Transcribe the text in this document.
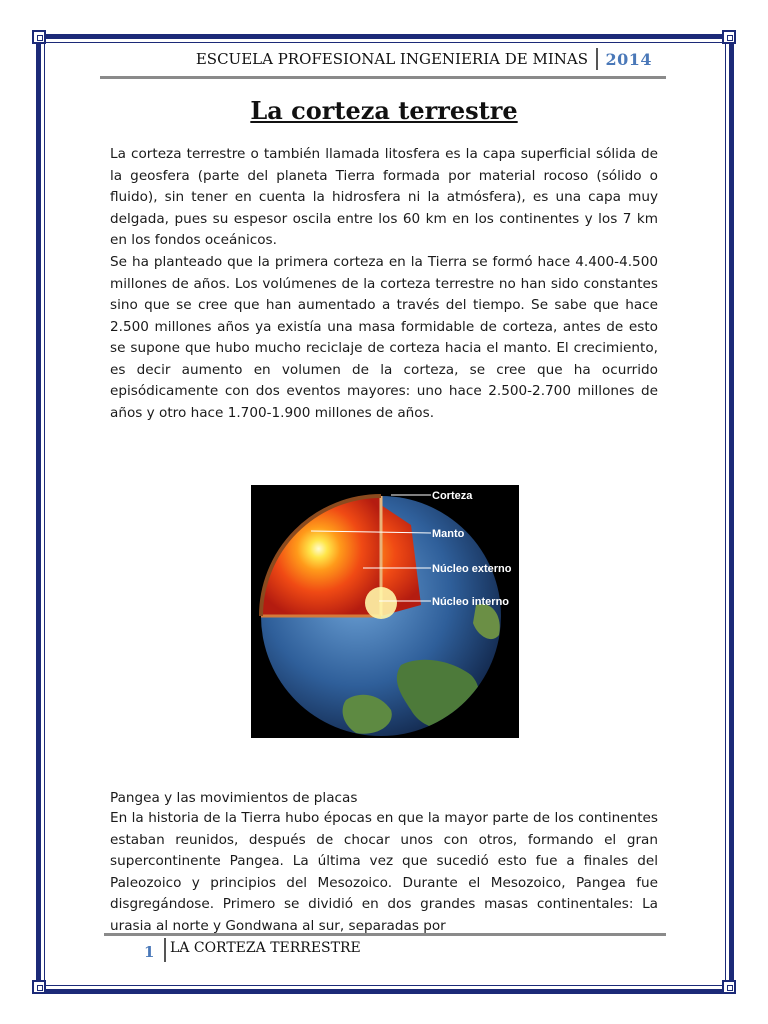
ESCUELA PROFESIONAL INGENIERIA DE MINAS 2014
La corteza terrestre

La corteza terrestre o también llamada litosfera es la capa superficial sólida de la geosfera (parte del planeta Tierra formada por material rocoso (sólido o fluido), sin tener en cuenta la hidrosfera ni la atmósfera), es una capa muy delgada, pues su espesor oscila entre los 60 km en los continentes y los 7 km en los fondos oceánicos.

Se ha planteado que la primera corteza en la Tierra se formó hace 4.400-4.500 millones de años. Los volúmenes de la corteza terrestre no han sido constantes sino que se cree que han aumentado a través del tiempo. Se sabe que hace 2.500 millones años ya existía una masa formidable de corteza, antes de esto se supone que hubo mucho reciclaje de corteza hacia el manto. El crecimiento, es decir aumento en volumen de la corteza, se cree que ha ocurrido episódicamente con dos eventos mayores: uno hace 2.500-2.700 millones de años y otro hace 1.700-1.900 millones de años.

Corteza
Manto
Núcleo externo
Núcleo interno
Pangea y las movimientos de placas

En la historia de la Tierra hubo épocas en que la mayor parte de los continentes estaban reunidos, después de chocar unos con otros, formando el gran supercontinente Pangea. La última vez que sucedió esto fue a finales del Paleozoico y principios del Mesozoico. Durante el Mesozoico, Pangea fue disgregándose. Primero se dividió en dos grandes masas continentales: La urasia al norte y Gondwana al sur, separadas por

1 LA CORTEZA TERRESTRE
